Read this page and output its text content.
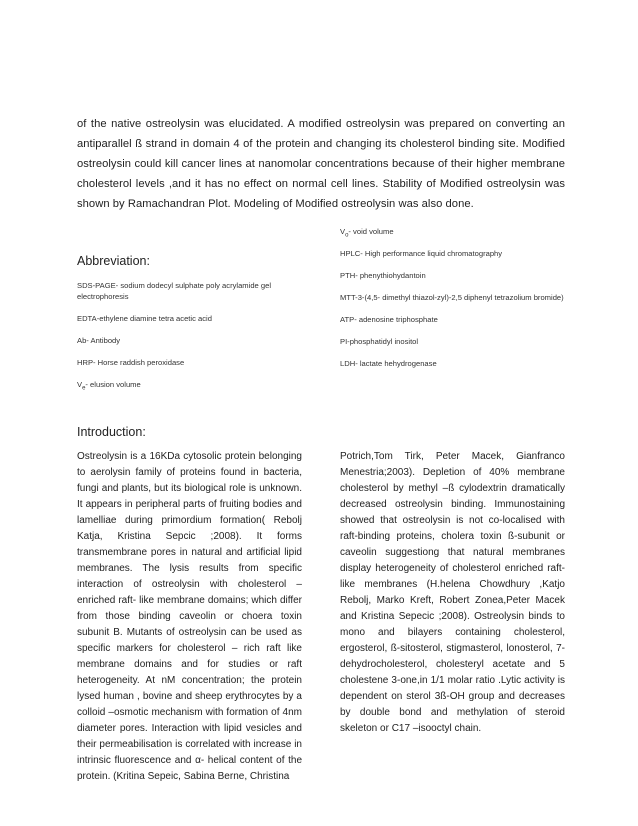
of the native ostreolysin was elucidated. A modified ostreolysin was prepared on converting an antiparallel ß strand in domain 4 of the protein and changing its cholesterol binding site. Modified ostreolysin could kill cancer lines at nanomolar concentrations because of their higher membrane cholesterol levels ,and it has no effect on normal cell lines. Stability of Modified ostreolysin was shown by Ramachandran Plot. Modeling of Modified ostreolysin was also done.
Abbreviation:
SDS-PAGE- sodium dodecyl sulphate poly acrylamide gel electrophoresis
EDTA-ethylene diamine tetra acetic acid
Ab- Antibody
HRP- Horse raddish peroxidase
$V_e-$ elusion volume
$V_o-$ void volume
HPLC- High performance liquid chromatography
PTH- phenythiohydantoin
MTT-3-(4,5- dimethyl thiazol-zyl)-2,5 diphenyl tetrazolium bromide)
ATP- adenosine triphosphate
PI-phosphatidyl inositol
LDH- lactate hehydrogenase
Introduction:
Ostreolysin is a 16KDa cytosolic protein belonging to aerolysin family of proteins found in bacteria, fungi and plants, but its biological role is unknown. It appears in peripheral parts of fruiting bodies and lamelliae during primordium formation( Rebolj Katja, Kristina Sepcic ;2008). It forms transmembrane pores in natural and artificial lipid membranes. The lysis results from specific interaction of ostreolysin with cholesterol – enriched raft- like membrane domains; which differ from those binding caveolin or choera toxin subunit B. Mutants of ostreolysin can be used as specific markers for cholesterol – rich raft like membrane domains and for studies or raft heterogeneity. At nM concentration; the protein lysed human , bovine and sheep erythrocytes by a colloid –osmotic mechanism with formation of 4nm diameter pores. Interaction with lipid vesicles and their permeabilisation is correlated with increase in intrinsic fluorescence and α- helical content of the protein. (Kritina Sepeic, Sabina Berne, Christina
Potrich,Tom Tirk, Peter Macek, Gianfranco Menestria;2003). Depletion of 40% membrane cholesterol by methyl –ß cylodextrin dramatically decreased ostreolysin binding. Immunostaining showed that ostreolysin is not co-localised with raft-binding proteins, cholera toxin ß-subunit or caveolin suggestiong that natural membranes display heterogeneity of cholesterol enriched raft-like membranes (H.helena Chowdhury ,Katjo Rebolj, Marko Kreft, Robert Zonea,Peter Macek and Kristina Sepecic ;2008). Ostreolysin binds to mono and bilayers containing cholesterol, ergosterol, ß-sitosterol, stigmasterol, lonosterol, 7-dehydrocholesterol, cholesteryl acetate and 5 cholestene 3-one,in 1/1 molar ratio .Lytic activity is dependent on sterol 3ß-OH group and decreases by double bond and methylation of steroid skeleton or C17 –isooctyl chain.
